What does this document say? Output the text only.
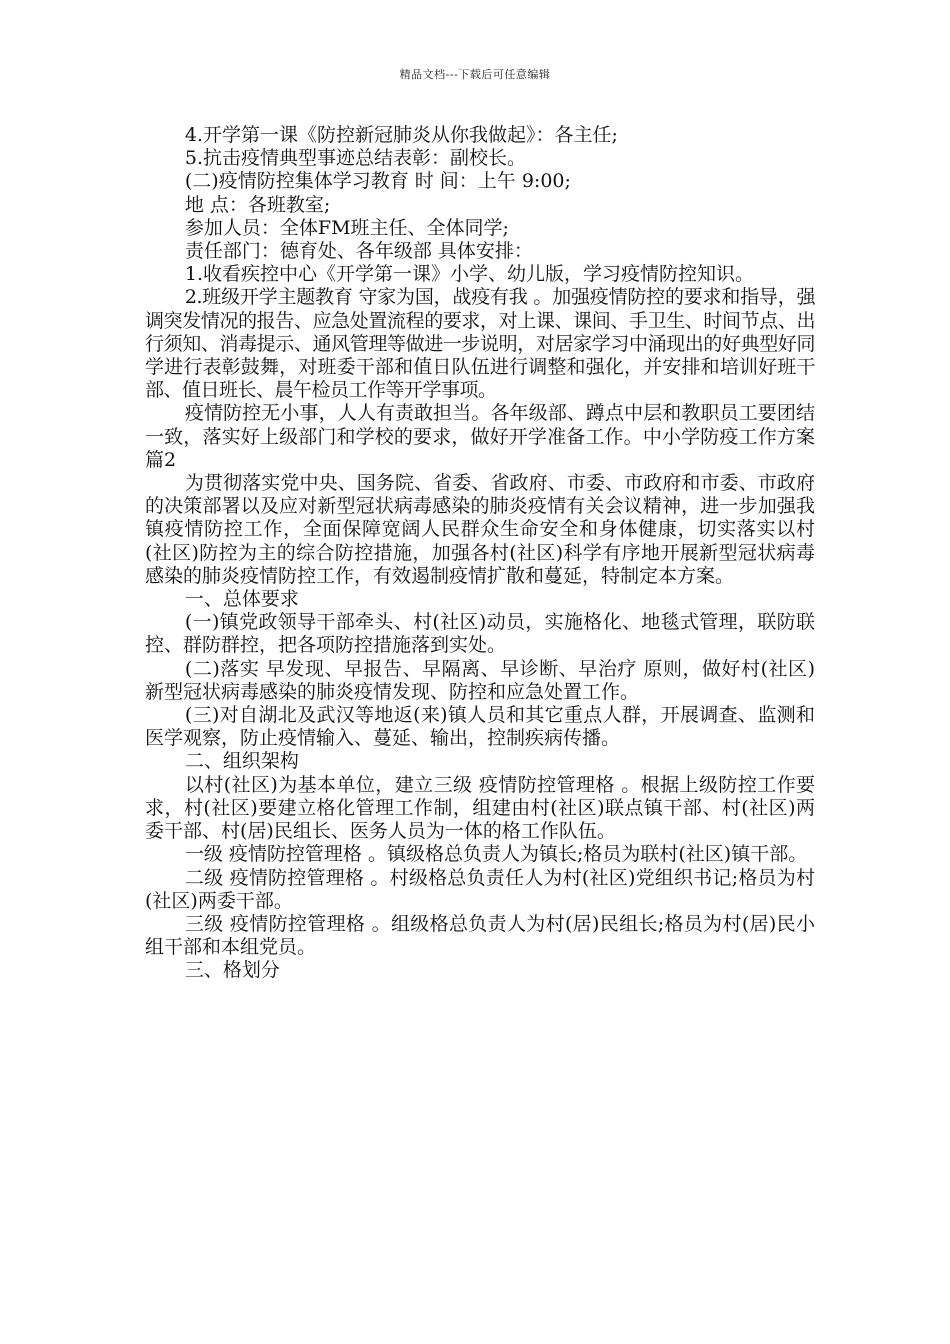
精品文档---下载后可任意编辑

4.开学第一课《防控新冠肺炎从你我做起》：各主任;

5.抗击疫情典型事迹总结表彰：副校长。

(二)疫情防控集体学习教育 时 间：上午 9:00;

地 点：各班教室;

参加人员：全体FM班主任、全体同学;

责任部门：德育处、各年级部 具体安排：

1.收看疾控中心《开学第一课》小学、幼儿版，学习疫情防控知识。

2.班级开学主题教育 守家为国，战疫有我 。加强疫情防控的要求和指导，强调突发情况的报告、应急处置流程的要求，对上课、课间、手卫生、时间节点、出行须知、消毒提示、通风管理等做进一步说明，对居家学习中涌现出的好典型好同学进行表彰鼓舞，对班委干部和值日队伍进行调整和强化，并安排和培训好班干部、值日班长、晨午检员工作等开学事项。

疫情防控无小事，人人有责敢担当。各年级部、蹲点中层和教职员工要团结一致，落实好上级部门和学校的要求，做好开学准备工作。中小学防疫工作方案篇2

为贯彻落实党中央、国务院、省委、省政府、市委、市政府和市委、市政府的决策部署以及应对新型冠状病毒感染的肺炎疫情有关会议精神，进一步加强我镇疫情防控工作，全面保障宽阔人民群众生命安全和身体健康，切实落实以村(社区)防控为主的综合防控措施，加强各村(社区)科学有序地开展新型冠状病毒感染的肺炎疫情防控工作，有效遏制疫情扩散和蔓延，特制定本方案。

一、总体要求

(一)镇党政领导干部牵头、村(社区)动员，实施格化、地毯式管理，联防联控、群防群控，把各项防控措施落到实处。

(二)落实 早发现、早报告、早隔离、早诊断、早治疗 原则，做好村(社区)新型冠状病毒感染的肺炎疫情发现、防控和应急处置工作。

(三)对自湖北及武汉等地返(来)镇人员和其它重点人群，开展调查、监测和医学观察，防止疫情输入、蔓延、输出，控制疾病传播。

二、组织架构

以村(社区)为基本单位，建立三级 疫情防控管理格 。根据上级防控工作要求，村(社区)要建立格化管理工作制，组建由村(社区)联点镇干部、村(社区)两委干部、村(居)民组长、医务人员为一体的格工作队伍。

一级 疫情防控管理格 。镇级格总负责人为镇长;格员为联村(社区)镇干部。

二级 疫情防控管理格 。村级格总负责任人为村(社区)党组织书记;格员为村(社区)两委干部。

三级 疫情防控管理格 。组级格总负责人为村(居)民组长;格员为村(居)民小组干部和本组党员。

三、格划分
